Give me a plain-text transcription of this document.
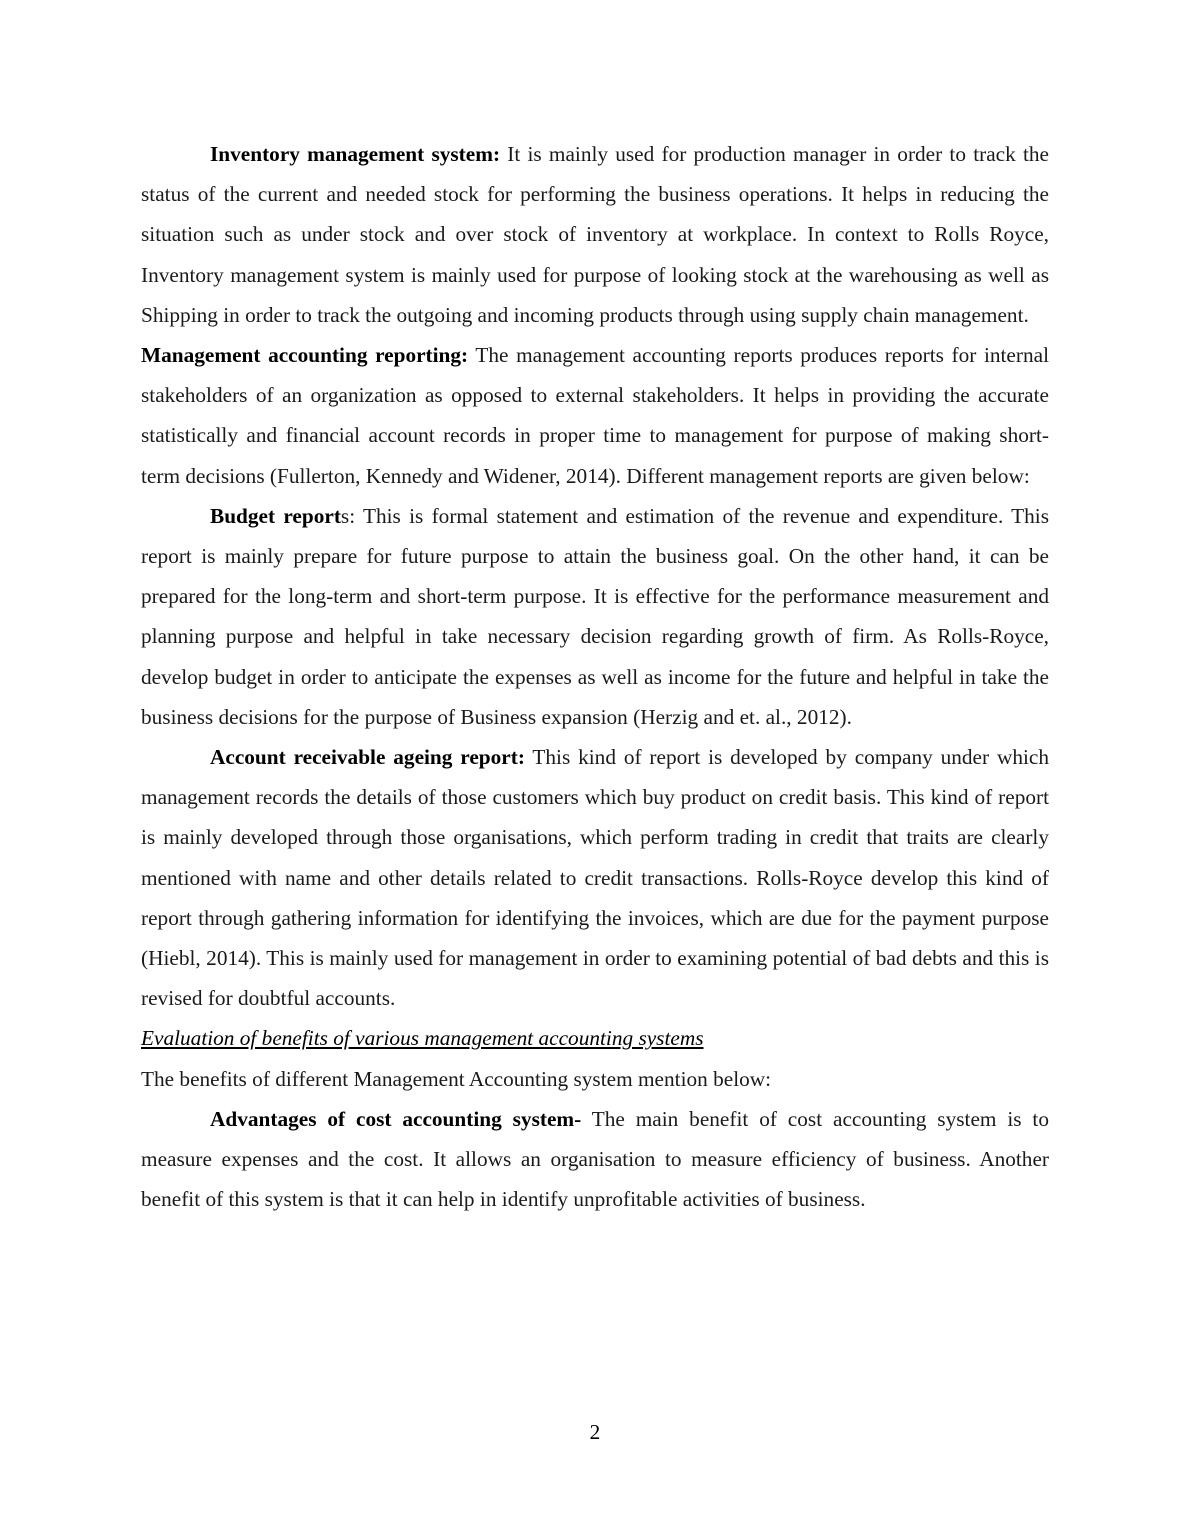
Inventory management system: It is mainly used for production manager in order to track the status of the current and needed stock for performing the business operations. It helps in reducing the situation such as under stock and over stock of inventory at workplace. In context to Rolls Royce, Inventory management system is mainly used for purpose of looking stock at the warehousing as well as Shipping in order to track the outgoing and incoming products through using supply chain management.

Management accounting reporting: The management accounting reports produces reports for internal stakeholders of an organization as opposed to external stakeholders. It helps in providing the accurate statistically and financial account records in proper time to management for purpose of making short- term decisions (Fullerton, Kennedy and Widener, 2014). Different management reports are given below:

Budget reports: This is formal statement and estimation of the revenue and expenditure. This report is mainly prepare for future purpose to attain the business goal. On the other hand, it can be prepared for the long-term and short-term purpose. It is effective for the performance measurement and planning purpose and helpful in take necessary decision regarding growth of firm. As Rolls-Royce, develop budget in order to anticipate the expenses as well as income for the future and helpful in take the business decisions for the purpose of Business expansion (Herzig and et. al., 2012).

Account receivable ageing report: This kind of report is developed by company under which management records the details of those customers which buy product on credit basis. This kind of report is mainly developed through those organisations, which perform trading in credit that traits are clearly mentioned with name and other details related to credit transactions. Rolls-Royce develop this kind of report through gathering information for identifying the invoices, which are due for the payment purpose (Hiebl, 2014). This is mainly used for management in order to examining potential of bad debts and this is revised for doubtful accounts.

Evaluation of benefits of various management accounting systems

The benefits of different Management Accounting system mention below:

Advantages of cost accounting system- The main benefit of cost accounting system is to measure expenses and the cost. It allows an organisation to measure efficiency of business. Another benefit of this system is that it can help in identify unprofitable activities of business.

2
